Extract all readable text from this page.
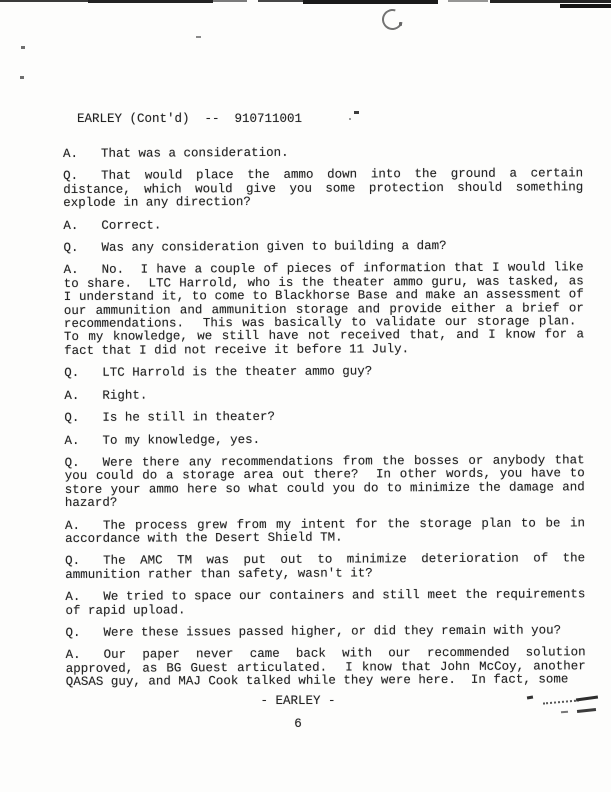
EARLEY (Cont'd)  --  910711001

A. That was a consideration.

Q. That would place the ammo down into the ground a certain distance, which would give you some protection should something explode in any direction?

A. Correct.

Q. Was any consideration given to building a dam?

A. No.  I have a couple of pieces of information that I would like to share.  LTC Harrold, who is the theater ammo guru, was tasked, as I understand it, to come to Blackhorse Base and make an assessment of our ammunition and ammunition storage and provide either a brief or recommendations.  This was basically to validate our storage plan.  To my knowledge, we still have not received that, and I know for a fact that I did not receive it before 11 July.

Q. LTC Harrold is the theater ammo guy?

A. Right.

Q. Is he still in theater?

A. To my knowledge, yes.

Q. Were there any recommendations from the bosses or anybody that you could do a storage area out there?  In other words, you have to store your ammo here so what could you do to minimize the damage and hazard?

A. The process grew from my intent for the storage plan to be in accordance with the Desert Shield TM.

Q. The AMC TM was put out to minimize deterioration of the ammunition rather than safety, wasn't it?

A. We tried to space our containers and still meet the requirements of rapid upload.

Q. Were these issues passed higher, or did they remain with you?

A. Our paper never came back with our recommended solution approved, as BG Guest articulated.  I know that John McCoy, another QASAS guy, and MAJ Cook talked while they were here.  In fact, some

- EARLEY -
6
